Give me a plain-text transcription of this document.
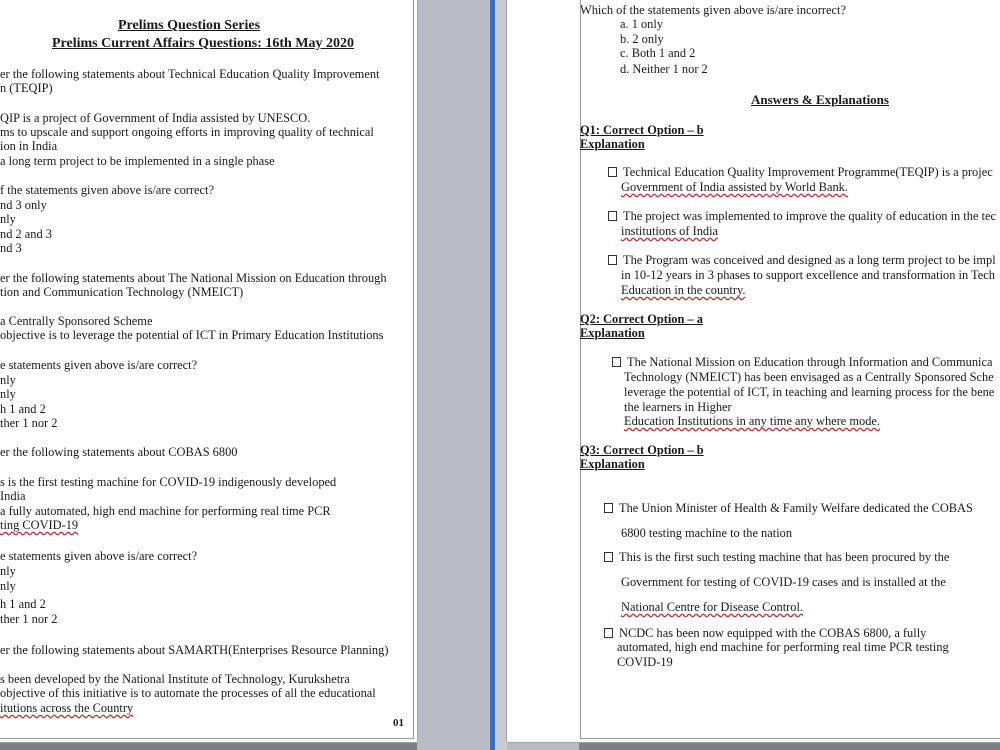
Prelims Question Series
Prelims Current Affairs Questions: 16th May 2020
er the following statements about Technical Education Quality Improvement
n (TEQIP)
QIP is a project of Government of India assisted by UNESCO.
ms to upscale and support ongoing efforts in improving quality of technical
ion in India
a long term project to be implemented in a single phase
f the statements given above is/are correct?
nd 3 only
nly
nd 2 and 3
nd 3
er the following statements about The National Mission on Education through
tion and Communication Technology (NMEICT)
a Centrally Sponsored Scheme
objective is to leverage the potential of ICT in Primary Education Institutions
e statements given above is/are correct?
nly
nly
h 1 and 2
ther 1 nor 2
er the following statements about COBAS 6800
s is the first testing machine for COVID-19 indigenously developed
India
a fully automated, high end machine for performing real time PCR
ting COVID-19
e statements given above is/are correct?
nly
nly
h 1 and 2
ther 1 nor 2
er the following statements about SAMARTH(Enterprises Resource Planning)
s been developed by the National Institute of Technology, Kurukshetra
objective of this initiative is to automate the processes of all the educational
itutions across the Country
01
Which of the statements given above is/are incorrect?
a. 1 only
b. 2 only
c. Both 1 and 2
d. Neither 1 nor 2
Answers & Explanations
Q1: Correct Option – b
Explanation
Technical Education Quality Improvement Programme(TEQIP) is a projec
Government of India assisted by World Bank.
The project was implemented to improve the quality of education in the tec
institutions of India
The Program was conceived and designed as a long term project to be impl
in 10-12 years in 3 phases to support excellence and transformation in Tech
Education in the country.
Q2: Correct Option – a
Explanation
The National Mission on Education through Information and Communica
Technology (NMEICT) has been envisaged as a Centrally Sponsored Sche
leverage the potential of ICT, in teaching and learning process for the bene
the learners in Higher
Education Institutions in any time any where mode.
Q3: Correct Option – b
Explanation
The Union Minister of Health & Family Welfare dedicated the COBAS
6800 testing machine to the nation
This is the first such testing machine that has been procured by the
Government for testing of COVID-19 cases and is installed at the
National Centre for Disease Control.
NCDC has been now equipped with the COBAS 6800, a fully
automated, high end machine for performing real time PCR testing
COVID-19
